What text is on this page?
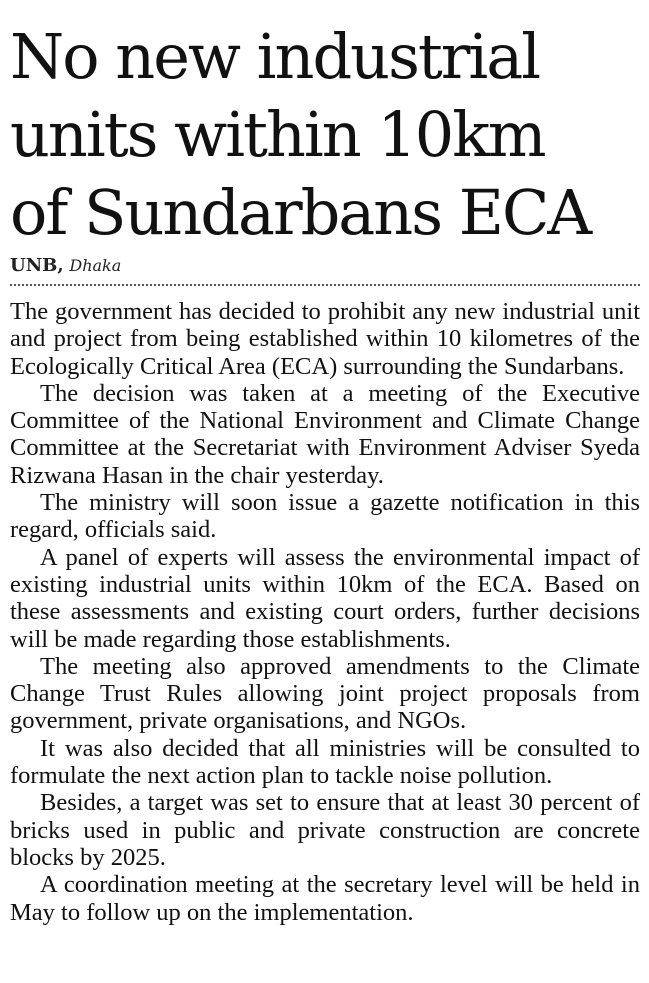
No new industrial
units within 10km
of Sundarbans ECA
UNB, Dhaka

The government has decided to prohibit any new industrial unit and project from being established within 10 kilometres of the Ecologically Critical Area (ECA) surrounding the Sundarbans.

The decision was taken at a meeting of the Executive Committee of the National Environment and Climate Change Committee at the Secretariat with Environment Adviser Syeda Rizwana Hasan in the chair yesterday.

The ministry will soon issue a gazette notification in this regard, officials said.

A panel of experts will assess the environmental impact of existing industrial units within 10km of the ECA. Based on these assessments and existing court orders, further decisions will be made regarding those establishments.

The meeting also approved amendments to the Climate Change Trust Rules allowing joint project proposals from government, private organisations, and NGOs.

It was also decided that all ministries will be consulted to formulate the next action plan to tackle noise pollution.

Besides, a target was set to ensure that at least 30 percent of bricks used in public and private construction are concrete blocks by 2025.

A coordination meeting at the secretary level will be held in May to follow up on the implementation.
